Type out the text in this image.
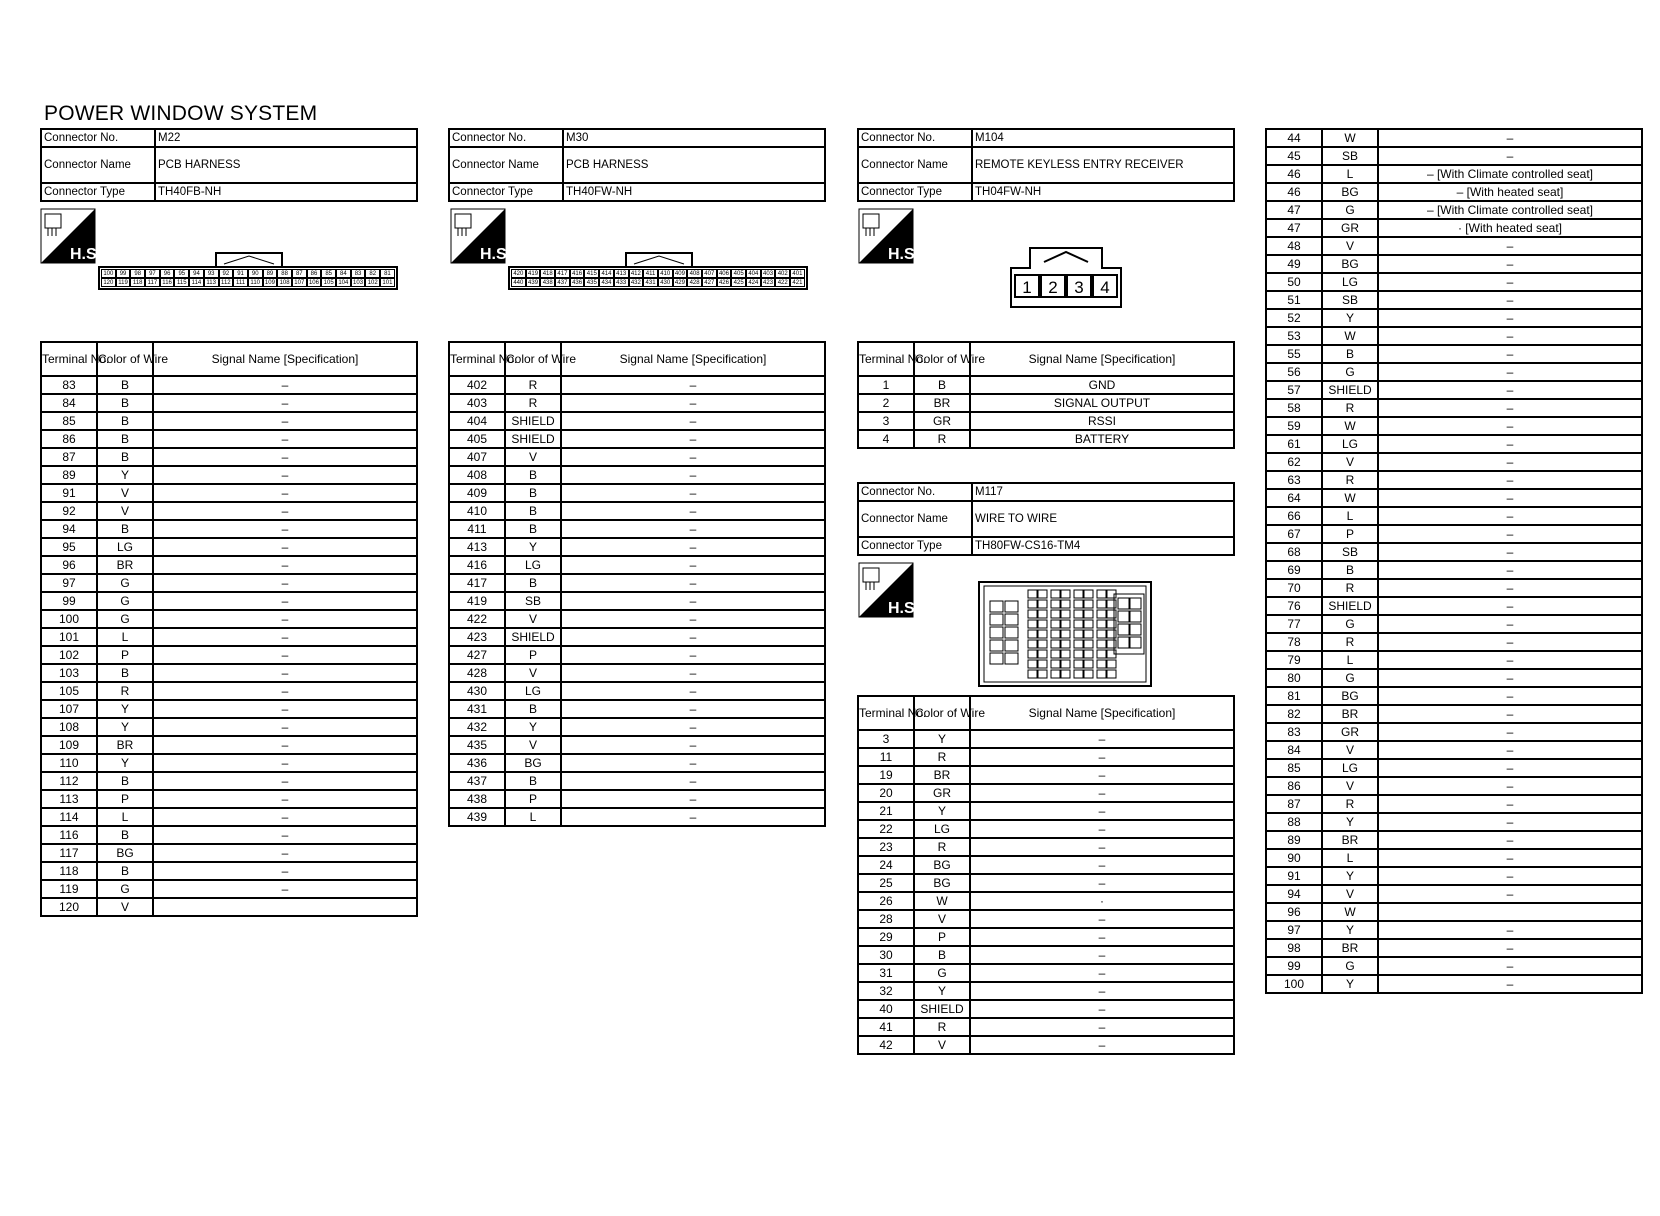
POWER WINDOW SYSTEM
Connector No.	M22
Connector Name	PCB HARNESS
Connector Type	TH40FB-NH
H.S.
100	99	98	97	96	95	94	93	92	91	90	89	88	87	86	85	84	83	82	81
120 119 118 117 116 115 114 113 112 111 110 109 108 107 106 105 104 103 102 101
Terminal No.	Color of Wire	Signal Name [Specification]
83	B	–
84	B	–
85	B	–
86	B	–
87	B	–
89	Y	–
91	V	–
92	V	–
94	B	–
95	LG	–
96	BR	–
97	G	–
99	G	–
100	G	–
101	L	–
102	P	–
103	B	–
105	R	–
107	Y	–
108	Y	–
109	BR	–
110	Y	–
112	B	–
113	P	–
114	L	–
116	B	–
117	BG	–
118	B	–
119	G	–
120	V	
Connector No.	M30
Connector Name	PCB HARNESS
Connector Type	TH40FW-NH
H.S.
420 419 418 417 416 415 414 413 412 411 410 409 408 407 406 405 404 403 402 401
440 439 438 437 436 435 434 433 432 431 430 429 428 427 426 425 424 423 422 421
Terminal No.	Color of Wire	Signal Name [Specification]
402	R	–
403	R	–
404	SHIELD	–
405	SHIELD	–
407	V	–
408	B	–
409	B	–
410	B	–
411	B	–
413	Y	–
416	LG	–
417	B	–
419	SB	–
422	V	–
423	SHIELD	–
427	P	–
428	V	–
430	LG	–
431	B	–
432	Y	–
435	V	–
436	BG	–
437	B	–
438	P	–
439	L	–
Connector No.	M104
Connector Name	REMOTE KEYLESS ENTRY RECEIVER
Connector Type	TH04FW-NH
H.S.
1 2 3 4
Terminal No.	Color of Wire	Signal Name [Specification]
1	B	GND
2	BR	SIGNAL OUTPUT
3	GR	RSSI
4	R	BATTERY
Connector No.	M117
Connector Name	WIRE TO WIRE
Connector Type	TH80FW-CS16-TM4
H.S.
Terminal No.	Color of Wire	Signal Name [Specification]
3	Y	–
11	R	–
19	BR	–
20	GR	–
21	Y	–
22	LG	–
23	R	–
24	BG	–
25	BG	–
26	W	·
28	V	–
29	P	–
30	B	–
31	G	–
32	Y	–
40	SHIELD	–
41	R	–
42	V	–
44	W	–
45	SB	–
46	L	– [With Climate controlled seat]
46	BG	– [With heated seat]
47	G	– [With Climate controlled seat]
47	GR	· [With heated seat]
48	V	–
49	BG	–
50	LG	–
51	SB	–
52	Y	–
53	W	–
55	B	–
56	G	–
57	SHIELD	–
58	R	–
59	W	–
61	LG	–
62	V	–
63	R	–
64	W	–
66	L	–
67	P	–
68	SB	–
69	B	–
70	R	–
76	SHIELD	–
77	G	–
78	R	–
79	L	–
80	G	–
81	BG	–
82	BR	–
83	GR	–
84	V	–
85	LG	–
86	V	–
87	R	–
88	Y	–
89	BR	–
90	L	–
91	Y	–
94	V	–
96	W	
97	Y	–
98	BR	–
99	G	–
100	Y	–
